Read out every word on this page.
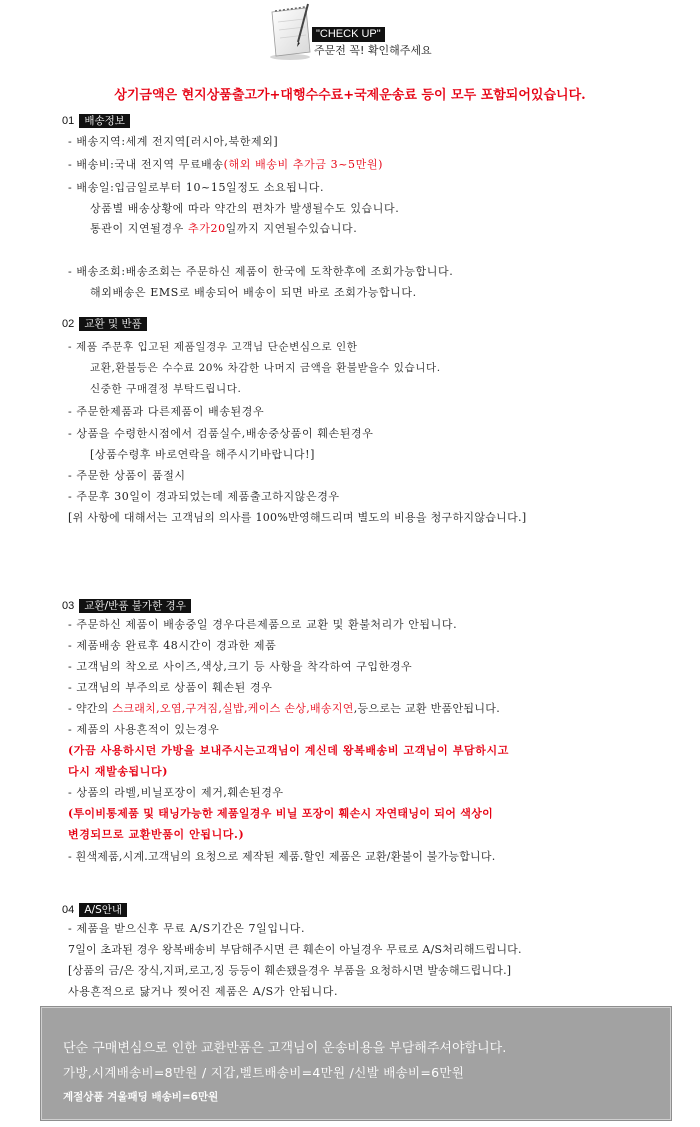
"CHECK UP"
주문전 꼭! 확인해주세요
상기금액은 현지상품출고가+대행수수료+국제운송료 등이 모두 포함되어있습니다.
01 배송정보
- 배송지역:세계 전지역[러시아,북한제외]
- 배송비:국내 전지역 무료배송(해외 배송비 추가금 3~5만원)
- 배송일:입금일로부터 10~15일정도 소요됩니다.
상품별 배송상황에 따라 약간의 편차가 발생될수도 있습니다.
통관이 지연될경우 추가20일까지 지연될수있습니다.
- 배송조회:배송조회는 주문하신 제품이 한국에 도착한후에 조회가능합니다.
해외배송은 EMS로 배송되어 배송이 되면 바로 조회가능합니다.
02 교환 및 반품
- 제품 주문후 입고된 제품일경우 고객님 단순변심으로 인한
교환,환불등은 수수료 20% 차감한 나머지 금액을 환불받을수 있습니다.
신중한 구매결정 부탁드립니다.
- 주문한제품과 다른제품이 배송된경우
- 상품을 수령한시점에서 검품실수,배송중상품이 훼손된경우
[상품수령후 바로연락을 해주시기바랍니다!]
- 주문한 상품이 품절시
- 주문후 30일이 경과되었는데 제품출고하지않은경우
[위 사항에 대해서는 고객님의 의사를 100%반영해드리며 별도의 비용을 청구하지않습니다.]
03 교환/반품 불가한 경우
- 주문하신 제품이 배송중일 경우다른제품으로 교환 및 환불처리가 안됩니다.
- 제품배송 완료후 48시간이 경과한 제품
- 고객님의 착오로 사이즈,색상,크기 등 사항을 착각하여 구입한경우
- 고객님의 부주의로 상품이 훼손된 경우
- 약간의 스크래치,오염,구겨짐,실밥,케이스 손상,배송지연,등으로는 교환 반품안됩니다.
- 제품의 사용흔적이 있는경우
(가끔 사용하시던 가방을 보내주시는고객님이 계신데 왕복배송비 고객님이 부담하시고
다시 재발송됩니다)
- 상품의 라벨,비닐포장이 제거,훼손된경우
(투이비통제품 및 태닝가능한 제품일경우 비닐 포장이 훼손시 자연태닝이 되어 색상이
변경되므로 교환반품이 안됩니다.)
- 흰색제품,시계.고객님의 요청으로 제작된 제품.할인 제품은 교환/환불이 불가능합니다.
04 A/S안내
- 제품을 받으신후 무료 A/S기간은 7일입니다.
7일이 초과된 경우 왕복배송비 부담해주시면 큰 훼손이 아닐경우 무료로 A/S처리해드립니다.
[상품의 금/은 장식,지퍼,로고,징 등등이 훼손됐을경우 부품을 요청하시면 발송해드립니다.]
사용흔적으로 닳거나 찢어진 제품은 A/S가 안됩니다.
단순 구매변심으로 인한 교환반품은 고객님이 운송비용을 부담해주셔야합니다.
가방,시계배송비=8만원 / 지갑,벨트배송비=4만원 /신발 배송비=6만원
계절상품 겨울패딩 배송비=6만원
